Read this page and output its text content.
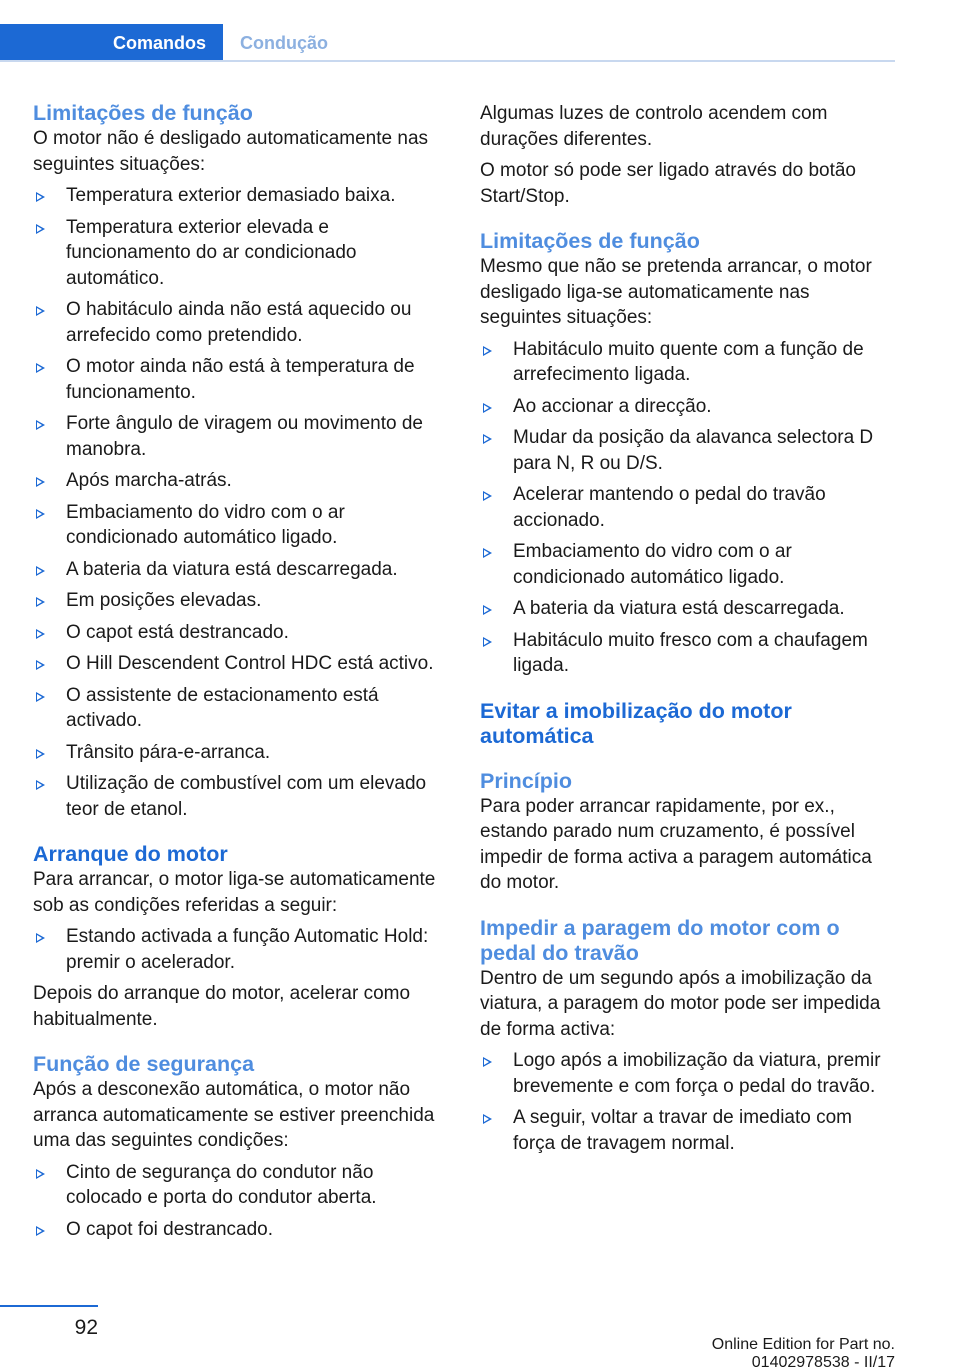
Comandos	Condução
Limitações de função

O motor não é desligado automaticamente nas seguintes situações:

Temperatura exterior demasiado baixa.
Temperatura exterior elevada e funcionamento do ar condicionado automático.
O habitáculo ainda não está aquecido ou arrefecido como pretendido.
O motor ainda não está à temperatura de funcionamento.
Forte ângulo de viragem ou movimento de manobra.
Após marcha-atrás.
Embaciamento do vidro com o ar condicionado automático ligado.
A bateria da viatura está descarregada.
Em posições elevadas.
O capot está destrancado.
O Hill Descendent Control HDC está activo.
O assistente de estacionamento está activado.
Trânsito pára-e-arranca.
Utilização de combustível com um elevado teor de etanol.
Arranque do motor

Para arrancar, o motor liga-se automaticamente sob as condições referidas a seguir:

Estando activada a função Automatic Hold: premir o acelerador.

Depois do arranque do motor, acelerar como habitualmente.

Função de segurança

Após a desconexão automática, o motor não arranca automaticamente se estiver preenchida uma das seguintes condições:

Cinto de segurança do condutor não colocado e porta do condutor aberta.
O capot foi destrancado.

Algumas luzes de controlo acendem com durações diferentes.

O motor só pode ser ligado através do botão Start/Stop.

Limitações de função

Mesmo que não se pretenda arrancar, o motor desligado liga-se automaticamente nas seguintes situações:

Habitáculo muito quente com a função de arrefecimento ligada.
Ao accionar a direcção.
Mudar da posição da alavanca selectora D para N, R ou D/S.
Acelerar mantendo o pedal do travão accionado.
Embaciamento do vidro com o ar condicionado automático ligado.
A bateria da viatura está descarregada.
Habitáculo muito fresco com a chaufagem ligada.
Evitar a imobilização do motor automática
Princípio

Para poder arrancar rapidamente, por ex., estando parado num cruzamento, é possível impedir de forma activa a paragem automática do motor.

Impedir a paragem do motor com o pedal do travão

Dentro de um segundo após a imobilização da viatura, a paragem do motor pode ser impedida de forma activa:

Logo após a imobilização da viatura, premir brevemente e com força o pedal do travão.
A seguir, voltar a travar de imediato com força de travagem normal.
92
Online Edition for Part no. 01402978538 - II/17
